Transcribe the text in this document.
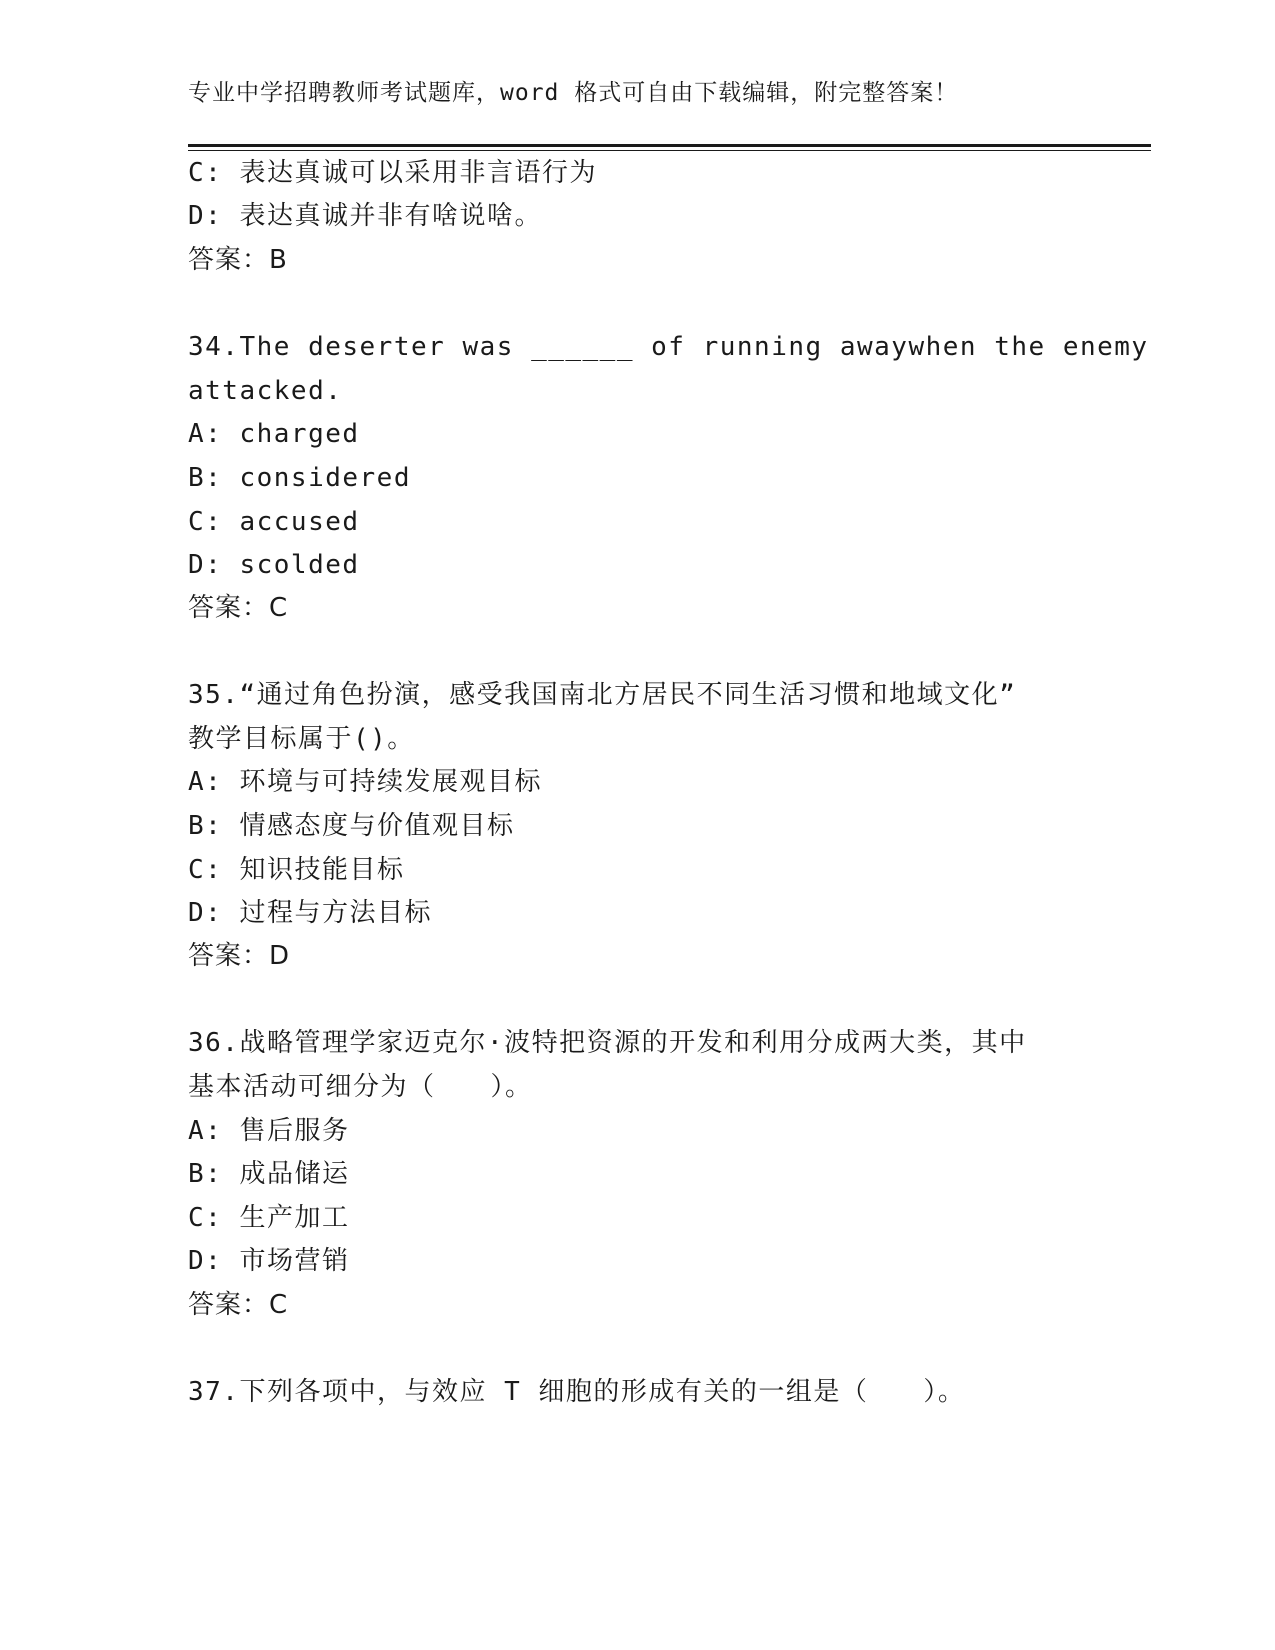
专业中学招聘教师考试题库，word 格式可自由下载编辑，附完整答案！
C: 表达真诚可以采用非言语行为
D: 表达真诚并非有啥说啥。
答案：B
34.The deserter was ______ of running awaywhen the enemy
attacked.
A: charged
B: considered
C: accused
D: scolded
答案：C
35.“通过角色扮演，感受我国南北方居民不同生活习惯和地域文化”
教学目标属于()。
A: 环境与可持续发展观目标
B: 情感态度与价值观目标
C: 知识技能目标
D: 过程与方法目标
答案：D
36.战略管理学家迈克尔·波特把资源的开发和利用分成两大类，其中
基本活动可细分为（　　）。
A: 售后服务
B: 成品储运
C: 生产加工
D: 市场营销
答案：C
37.下列各项中，与效应 T 细胞的形成有关的一组是（　　）。
